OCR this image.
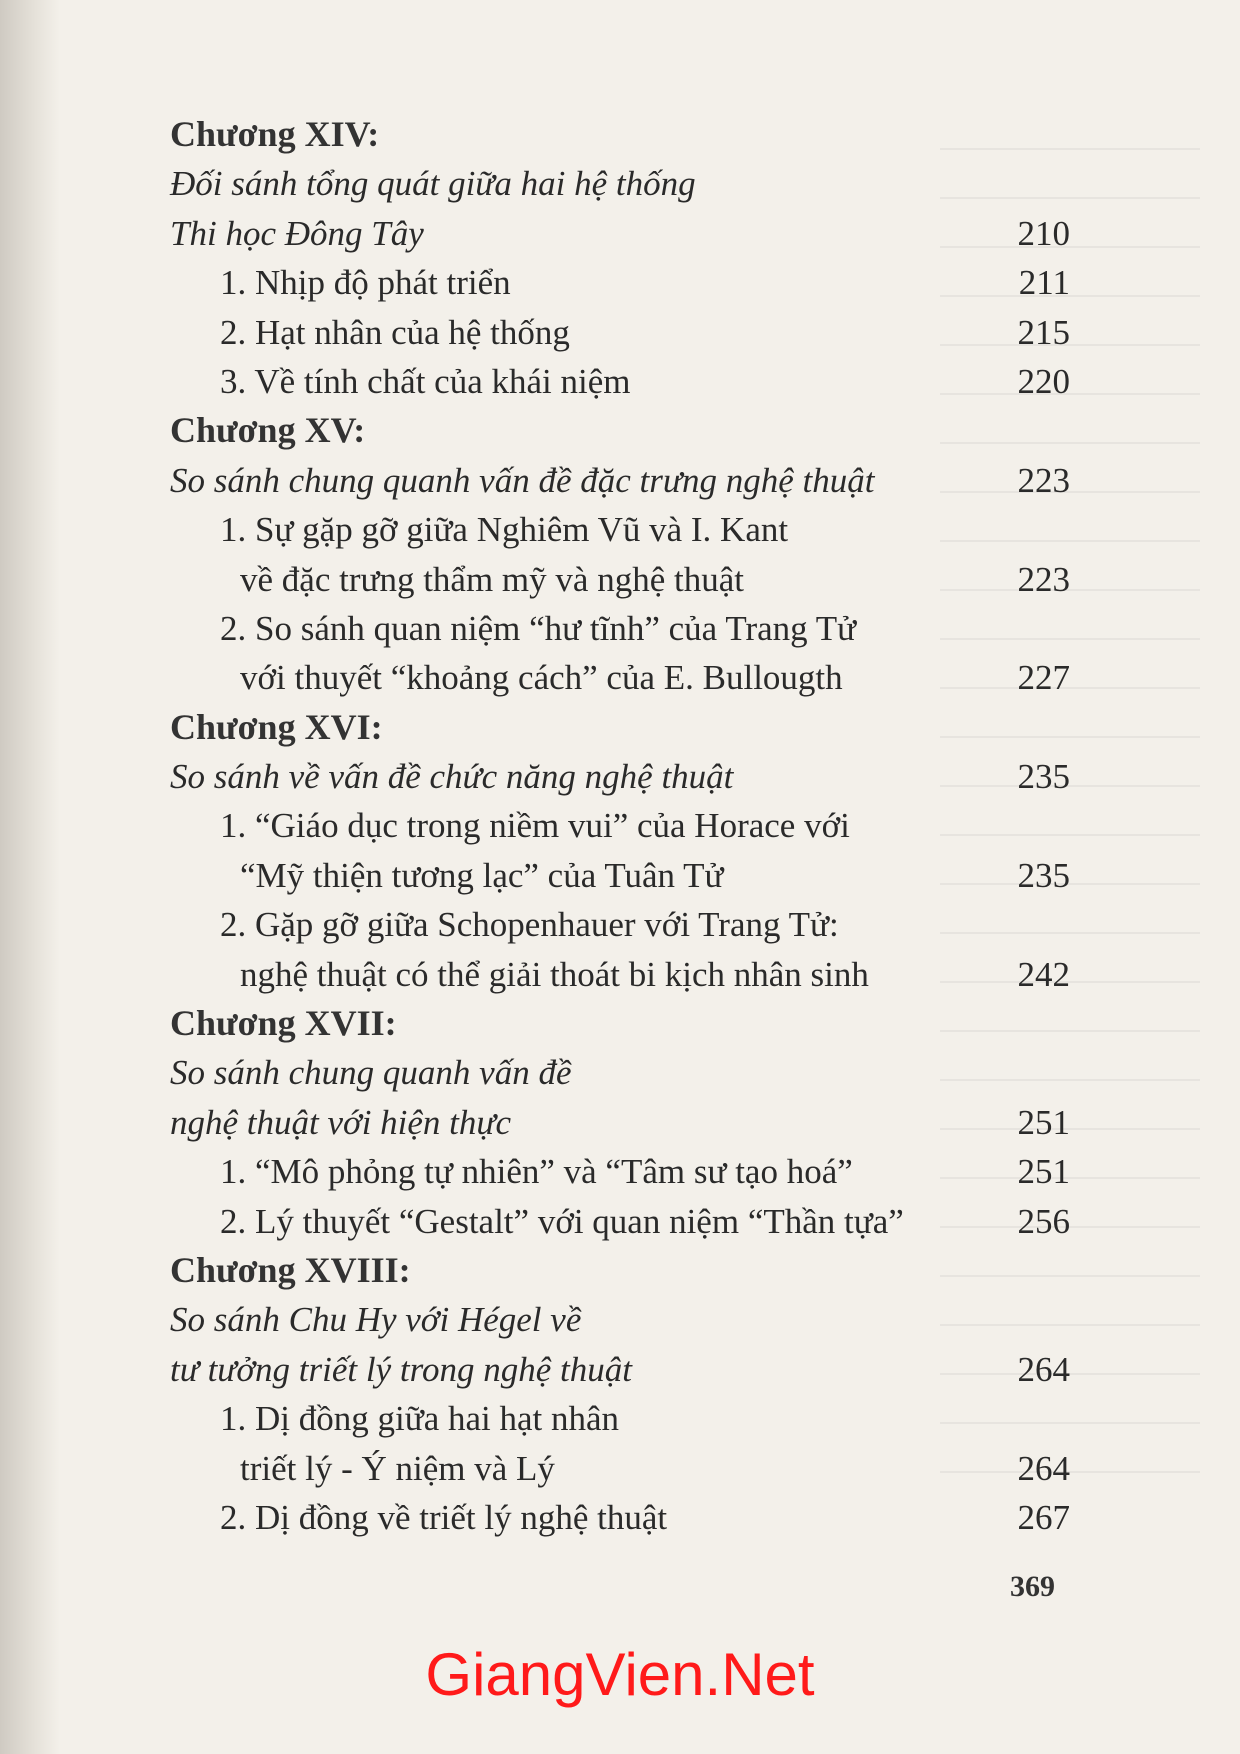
Chương XIV:
Đối sánh tổng quát giữa hai hệ thống
Thi học Đông Tây	210
1. Nhịp độ phát triển	211
2. Hạt nhân của hệ thống	215
3. Về tính chất của khái niệm	220
Chương XV:
So sánh chung quanh vấn đề đặc trưng nghệ thuật	223
1. Sự gặp gỡ giữa Nghiêm Vũ và I. Kant
về đặc trưng thẩm mỹ và nghệ thuật	223
2. So sánh quan niệm “hư tĩnh” của Trang Tử
với thuyết “khoảng cách” của E. Bullougth	227
Chương XVI:
So sánh về vấn đề chức năng nghệ thuật	235
1. “Giáo dục trong niềm vui” của Horace với
“Mỹ thiện tương lạc” của Tuân Tử	235
2. Gặp gỡ giữa Schopenhauer với Trang Tử:
nghệ thuật có thể giải thoát bi kịch nhân sinh	242
Chương XVII:
So sánh chung quanh vấn đề
nghệ thuật với hiện thực	251
1. “Mô phỏng tự nhiên” và “Tâm sư tạo hoá”	251
2. Lý thuyết “Gestalt” với quan niệm “Thần tựa”	256
Chương XVIII:
So sánh Chu Hy với Hégel về
tư tưởng triết lý trong nghệ thuật	264
1. Dị đồng giữa hai hạt nhân
triết lý - Ý niệm và Lý	264
2. Dị đồng về triết lý nghệ thuật	267
369
GiangVien.Net
